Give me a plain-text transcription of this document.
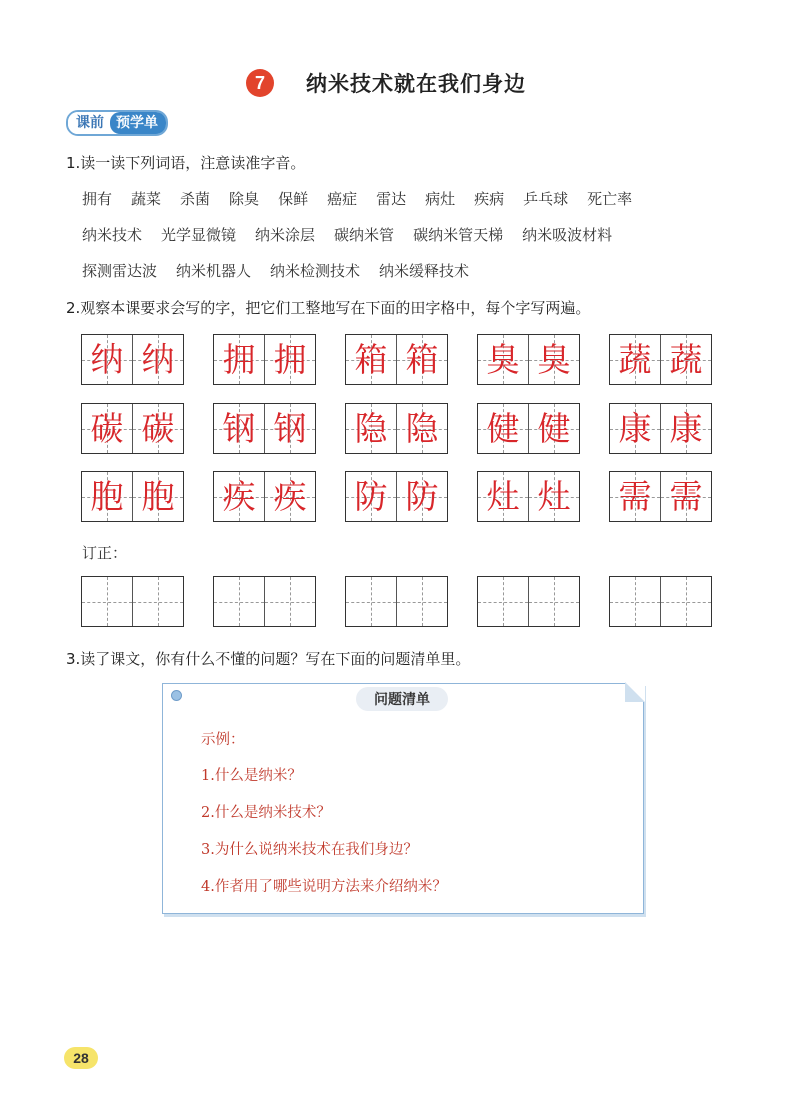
7	纳米技术就在我们身边
课前 预学单
1.读一读下列词语，注意读准字音。
拥有 蔬菜 杀菌 除臭 保鲜 癌症 雷达 病灶 疾病 乒乓球 死亡率
纳米技术 光学显微镜 纳米涂层 碳纳米管 碳纳米管天梯 纳米吸波材料
探测雷达波 纳米机器人 纳米检测技术 纳米缓释技术
2.观察本课要求会写的字，把它们工整地写在下面的田字格中，每个字写两遍。
纳 纳 拥 拥 箱 箱 臭 臭 蔬 蔬
碳 碳 钢 钢 隐 隐 健 健 康 康
胞 胞 疾 疾 防 防 灶 灶 需 需
订正：
3.读了课文，你有什么不懂的问题？写在下面的问题清单里。
问题清单
示例：
1.什么是纳米？
2.什么是纳米技术？
3.为什么说纳米技术在我们身边？
4.作者用了哪些说明方法来介绍纳米？
28
